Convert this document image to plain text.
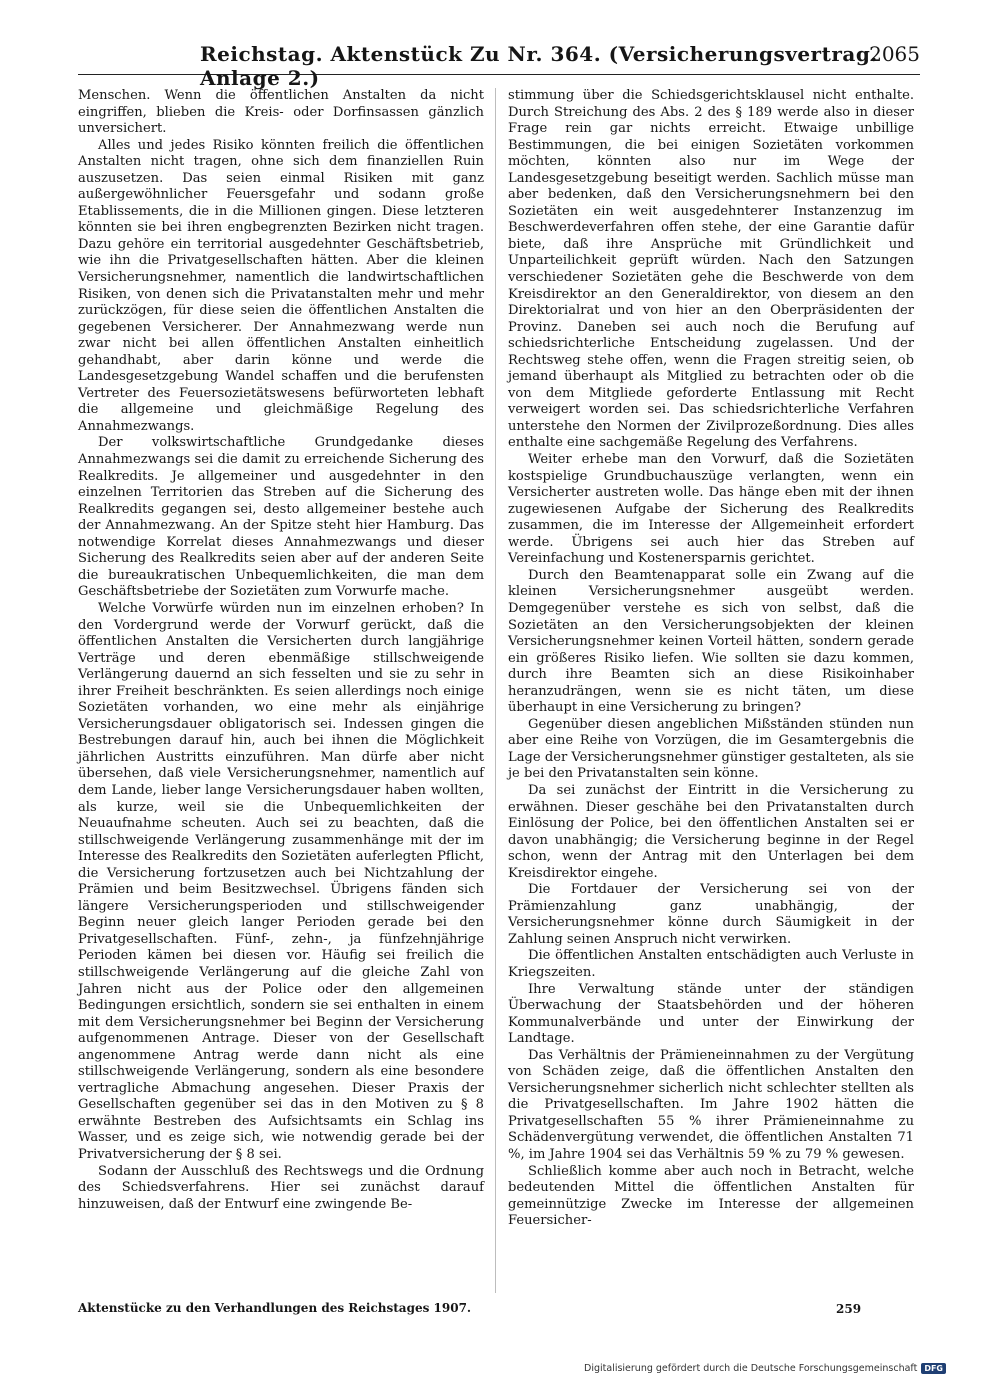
Reichstag. Aktenstück Zu Nr. 364. (Versicherungsvertrag. Anlage 2.)
2065

Menschen. Wenn die öffentlichen Anstalten da nicht eingriffen, blieben die Kreis- oder Dorfinsassen gänzlich unversichert.

Alles und jedes Risiko könnten freilich die öffentlichen Anstalten nicht tragen, ohne sich dem finanziellen Ruin auszusetzen. Das seien einmal Risiken mit ganz außergewöhnlicher Feuersgefahr und sodann große Etablissements, die in die Millionen gingen. Diese letzteren könnten sie bei ihren engbegrenzten Bezirken nicht tragen. Dazu gehöre ein territorial ausgedehnter Geschäftsbetrieb, wie ihn die Privatgesellschaften hätten. Aber die kleinen Versicherungsnehmer, namentlich die landwirtschaftlichen Risiken, von denen sich die Privatanstalten mehr und mehr zurückzögen, für diese seien die öffentlichen Anstalten die gegebenen Versicherer. Der Annahmezwang werde nun zwar nicht bei allen öffentlichen Anstalten einheitlich gehandhabt, aber darin könne und werde die Landesgesetzgebung Wandel schaffen und die berufensten Vertreter des Feuersozietätswesens befürworteten lebhaft die allgemeine und gleichmäßige Regelung des Annahmezwangs.

Der volkswirtschaftliche Grundgedanke dieses Annahmezwangs sei die damit zu erreichende Sicherung des Realkredits. Je allgemeiner und ausgedehnter in den einzelnen Territorien das Streben auf die Sicherung des Realkredits gegangen sei, desto allgemeiner bestehe auch der Annahmezwang. An der Spitze steht hier Hamburg. Das notwendige Korrelat dieses Annahmezwangs und dieser Sicherung des Realkredits seien aber auf der anderen Seite die bureaukratischen Unbequemlichkeiten, die man dem Geschäftsbetriebe der Sozietäten zum Vorwurfe mache.

Welche Vorwürfe würden nun im einzelnen erhoben? In den Vordergrund werde der Vorwurf gerückt, daß die öffentlichen Anstalten die Versicherten durch langjährige Verträge und deren ebenmäßige stillschweigende Verlängerung dauernd an sich fesselten und sie zu sehr in ihrer Freiheit beschränkten. Es seien allerdings noch einige Sozietäten vorhanden, wo eine mehr als einjährige Versicherungsdauer obligatorisch sei. Indessen gingen die Bestrebungen darauf hin, auch bei ihnen die Möglichkeit jährlichen Austritts einzuführen. Man dürfe aber nicht übersehen, daß viele Versicherungsnehmer, namentlich auf dem Lande, lieber lange Versicherungsdauer haben wollten, als kurze, weil sie die Unbequemlichkeiten der Neuaufnahme scheuten. Auch sei zu beachten, daß die stillschweigende Verlängerung zusammenhänge mit der im Interesse des Realkredits den Sozietäten auferlegten Pflicht, die Versicherung fortzusetzen auch bei Nichtzahlung der Prämien und beim Besitzwechsel. Übrigens fänden sich längere Versicherungsperioden und stillschweigender Beginn neuer gleich langer Perioden gerade bei den Privatgesellschaften. Fünf-, zehn-, ja fünfzehnjährige Perioden kämen bei diesen vor. Häufig sei freilich die stillschweigende Verlängerung auf die gleiche Zahl von Jahren nicht aus der Police oder den allgemeinen Bedingungen ersichtlich, sondern sie sei enthalten in einem mit dem Versicherungsnehmer bei Beginn der Versicherung aufgenommenen Antrage. Dieser von der Gesellschaft angenommene Antrag werde dann nicht als eine stillschweigende Verlängerung, sondern als eine besondere vertragliche Abmachung angesehen. Dieser Praxis der Gesellschaften gegenüber sei das in den Motiven zu § 8 erwähnte Bestreben des Aufsichtsamts ein Schlag ins Wasser, und es zeige sich, wie notwendig gerade bei der Privatversicherung der § 8 sei.

Sodann der Ausschluß des Rechtswegs und die Ordnung des Schiedsverfahrens. Hier sei zunächst darauf hinzuweisen, daß der Entwurf eine zwingende Be-

stimmung über die Schiedsgerichtsklausel nicht enthalte. Durch Streichung des Abs. 2 des § 189 werde also in dieser Frage rein gar nichts erreicht. Etwaige unbillige Bestimmungen, die bei einigen Sozietäten vorkommen möchten, könnten also nur im Wege der Landesgesetzgebung beseitigt werden. Sachlich müsse man aber bedenken, daß den Versicherungsnehmern bei den Sozietäten ein weit ausgedehnterer Instanzenzug im Beschwerdeverfahren offen stehe, der eine Garantie dafür biete, daß ihre Ansprüche mit Gründlichkeit und Unparteilichkeit geprüft würden. Nach den Satzungen verschiedener Sozietäten gehe die Beschwerde von dem Kreisdirektor an den Generaldirektor, von diesem an den Direktorialrat und von hier an den Oberpräsidenten der Provinz. Daneben sei auch noch die Berufung auf schiedsrichterliche Entscheidung zugelassen. Und der Rechtsweg stehe offen, wenn die Fragen streitig seien, ob jemand überhaupt als Mitglied zu betrachten oder ob die von dem Mitgliede geforderte Entlassung mit Recht verweigert worden sei. Das schiedsrichterliche Verfahren unterstehe den Normen der Zivilprozeßordnung. Dies alles enthalte eine sachgemäße Regelung des Verfahrens.

Weiter erhebe man den Vorwurf, daß die Sozietäten kostspielige Grundbuchauszüge verlangten, wenn ein Versicherter austreten wolle. Das hänge eben mit der ihnen zugewiesenen Aufgabe der Sicherung des Realkredits zusammen, die im Interesse der Allgemeinheit erfordert werde. Übrigens sei auch hier das Streben auf Vereinfachung und Kostenersparnis gerichtet.

Durch den Beamtenapparat solle ein Zwang auf die kleinen Versicherungsnehmer ausgeübt werden. Demgegenüber verstehe es sich von selbst, daß die Sozietäten an den Versicherungsobjekten der kleinen Versicherungsnehmer keinen Vorteil hätten, sondern gerade ein größeres Risiko liefen. Wie sollten sie dazu kommen, durch ihre Beamten sich an diese Risikoinhaber heranzudrängen, wenn sie es nicht täten, um diese überhaupt in eine Versicherung zu bringen?

Gegenüber diesen angeblichen Mißständen stünden nun aber eine Reihe von Vorzügen, die im Gesamtergebnis die Lage der Versicherungsnehmer günstiger gestalteten, als sie je bei den Privatanstalten sein könne.

Da sei zunächst der Eintritt in die Versicherung zu erwähnen. Dieser geschähe bei den Privatanstalten durch Einlösung der Police, bei den öffentlichen Anstalten sei er davon unabhängig; die Versicherung beginne in der Regel schon, wenn der Antrag mit den Unterlagen bei dem Kreisdirektor eingehe.

Die Fortdauer der Versicherung sei von der Prämienzahlung ganz unabhängig, der Versicherungsnehmer könne durch Säumigkeit in der Zahlung seinen Anspruch nicht verwirken.

Die öffentlichen Anstalten entschädigten auch Verluste in Kriegszeiten.

Ihre Verwaltung stände unter der ständigen Überwachung der Staatsbehörden und der höheren Kommunalverbände und unter der Einwirkung der Landtage.

Das Verhältnis der Prämieneinnahmen zu der Vergütung von Schäden zeige, daß die öffentlichen Anstalten den Versicherungsnehmer sicherlich nicht schlechter stellten als die Privatgesellschaften. Im Jahre 1902 hätten die Privatgesellschaften 55 % ihrer Prämieneinnahme zu Schädenvergütung verwendet, die öffentlichen Anstalten 71 %, im Jahre 1904 sei das Verhältnis 59 % zu 79 % gewesen.

Schließlich komme aber auch noch in Betracht, welche bedeutenden Mittel die öffentlichen Anstalten für gemeinnützige Zwecke im Interesse der allgemeinen Feuersicher-

Aktenstücke zu den Verhandlungen des Reichstages 1907.	259
Digitalisierung gefördert durch die Deutsche Forschungsgemeinschaft DFG
